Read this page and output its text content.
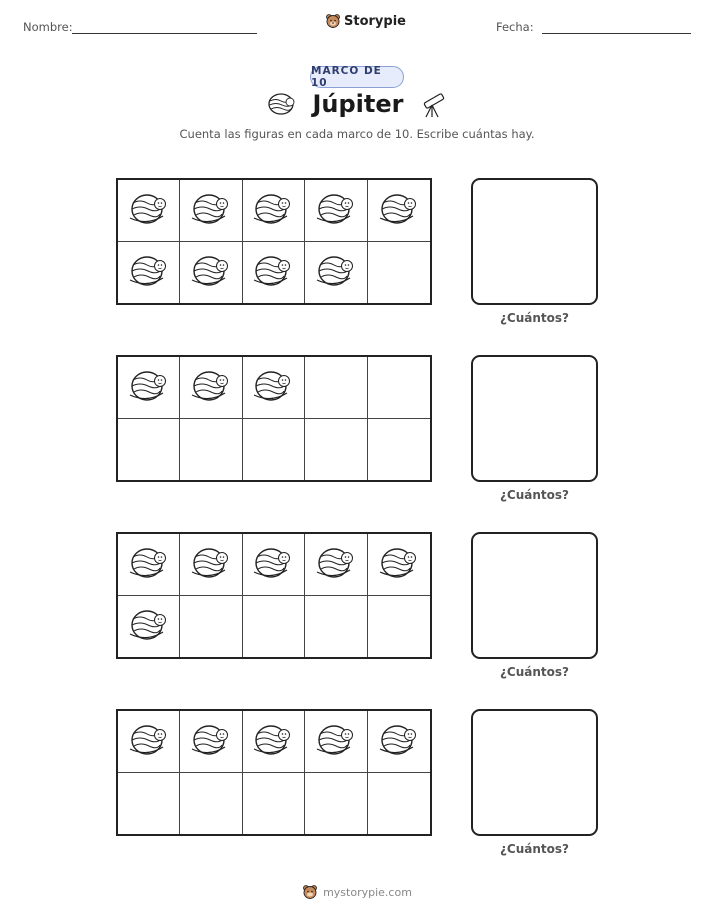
Nombre:	Storypie	Fecha:
MARCO DE 10
Júpiter
Cuenta las figuras en cada marco de 10. Escribe cuántas hay.
¿Cuántos?
¿Cuántos?
¿Cuántos?
¿Cuántos?
mystorypie.com
